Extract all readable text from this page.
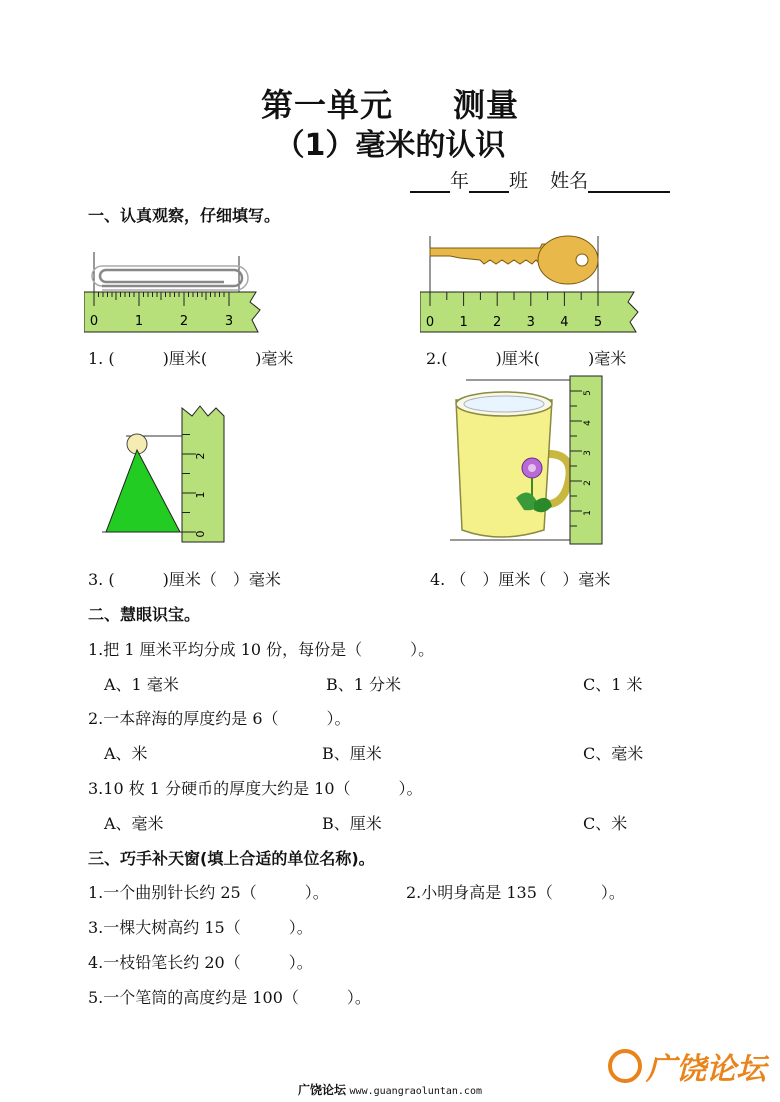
第一单元 测量
（1）毫米的认识
年 班 姓名
一、认真观察，仔细填写。
0	1	2	3	0 1 2 3 4 5
1. (　　　)厘米(　　　)毫米	2.(　　　)厘米(　　　)毫米
0
1
2
1
2
3
4
5
3. (　　　)厘米（　）毫米	4. （　）厘米（　）毫米
二、慧眼识宝。
1.把 1 厘米平均分成 10 份，每份是（　　　）。
A、1 毫米	B、1 分米	C、1 米
2.一本辞海的厚度约是 6（　　　）。
A、米	B、厘米	C、毫米
3.10 枚 1 分硬币的厚度大约是 10（　　　）。
A、毫米	B、厘米	C、米
三、巧手补天窗(填上合适的单位名称)。
1.一个曲别针长约 25（　　　）。	2.小明身高是 135（　　　）。
3.一棵大树高约 15（　　　）。
4.一枝铅笔长约 20（　　　）。
5.一个笔筒的高度约是 100（　　　）。
广饶论坛
广饶论坛 www.guangraoluntan.com
